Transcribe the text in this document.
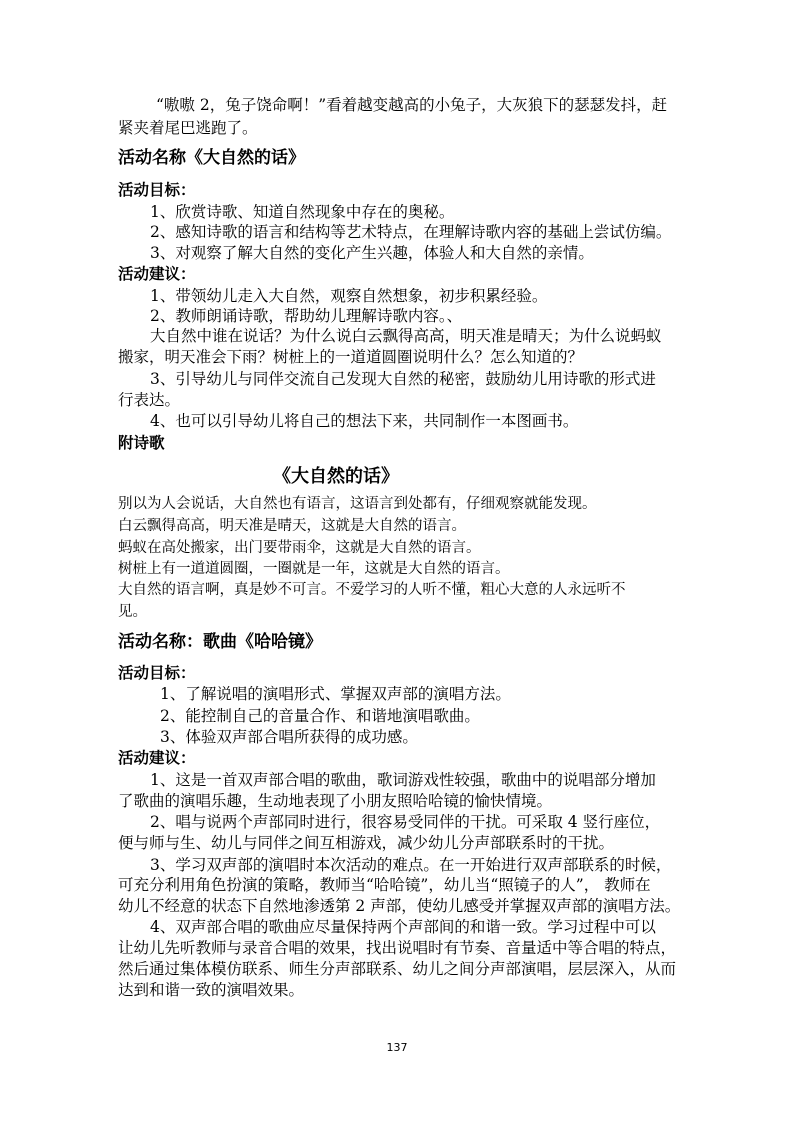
“嗷嗷 2，兔子饶命啊！”看着越变越高的小兔子，大灰狼下的瑟瑟发抖，赶
紧夹着尾巴逃跑了。
活动名称《大自然的话》
活动目标：
1、欣赏诗歌、知道自然现象中存在的奥秘。
2、感知诗歌的语言和结构等艺术特点，在理解诗歌内容的基础上尝试仿编。
3、对观察了解大自然的变化产生兴趣，体验人和大自然的亲情。
活动建议：
1、带领幼儿走入大自然，观察自然想象，初步积累经验。
2、教师朗诵诗歌，帮助幼儿理解诗歌内容。、
大自然中谁在说话？为什么说白云飘得高高，明天准是晴天；为什么说蚂蚁
搬家，明天准会下雨？树桩上的一道道圆圈说明什么？怎么知道的？
3、引导幼儿与同伴交流自己发现大自然的秘密，鼓励幼儿用诗歌的形式进
行表达。
4、也可以引导幼儿将自己的想法下来，共同制作一本图画书。
附诗歌
《大自然的话》
别以为人会说话，大自然也有语言，这语言到处都有，仔细观察就能发现。
白云飘得高高，明天准是晴天，这就是大自然的语言。
蚂蚁在高处搬家，出门要带雨伞，这就是大自然的语言。
树桩上有一道道圆圈，一圈就是一年，这就是大自然的语言。
大自然的语言啊，真是妙不可言。不爱学习的人听不懂，粗心大意的人永远听不
见。
活动名称：歌曲《哈哈镜》
活动目标：
1、了解说唱的演唱形式、掌握双声部的演唱方法。
2、能控制自己的音量合作、和谐地演唱歌曲。
3、体验双声部合唱所获得的成功感。
活动建议：
1、这是一首双声部合唱的歌曲，歌词游戏性较强，歌曲中的说唱部分增加
了歌曲的演唱乐趣，生动地表现了小朋友照哈哈镜的愉快情境。
2、唱与说两个声部同时进行，很容易受同伴的干扰。可采取 4 竖行座位，
便与师与生、幼儿与同伴之间互相游戏，减少幼儿分声部联系时的干扰。
3、学习双声部的演唱时本次活动的难点。在一开始进行双声部联系的时候，
可充分利用角色扮演的策略，教师当“哈哈镜”，幼儿当“照镜子的人”， 教师在
幼儿不经意的状态下自然地渗透第 2 声部，使幼儿感受并掌握双声部的演唱方法。
4、双声部合唱的歌曲应尽量保持两个声部间的和谐一致。学习过程中可以
让幼儿先听教师与录音合唱的效果，找出说唱时有节奏、音量适中等合唱的特点，
然后通过集体模仿联系、师生分声部联系、幼儿之间分声部演唱，层层深入，从而
达到和谐一致的演唱效果。
137
